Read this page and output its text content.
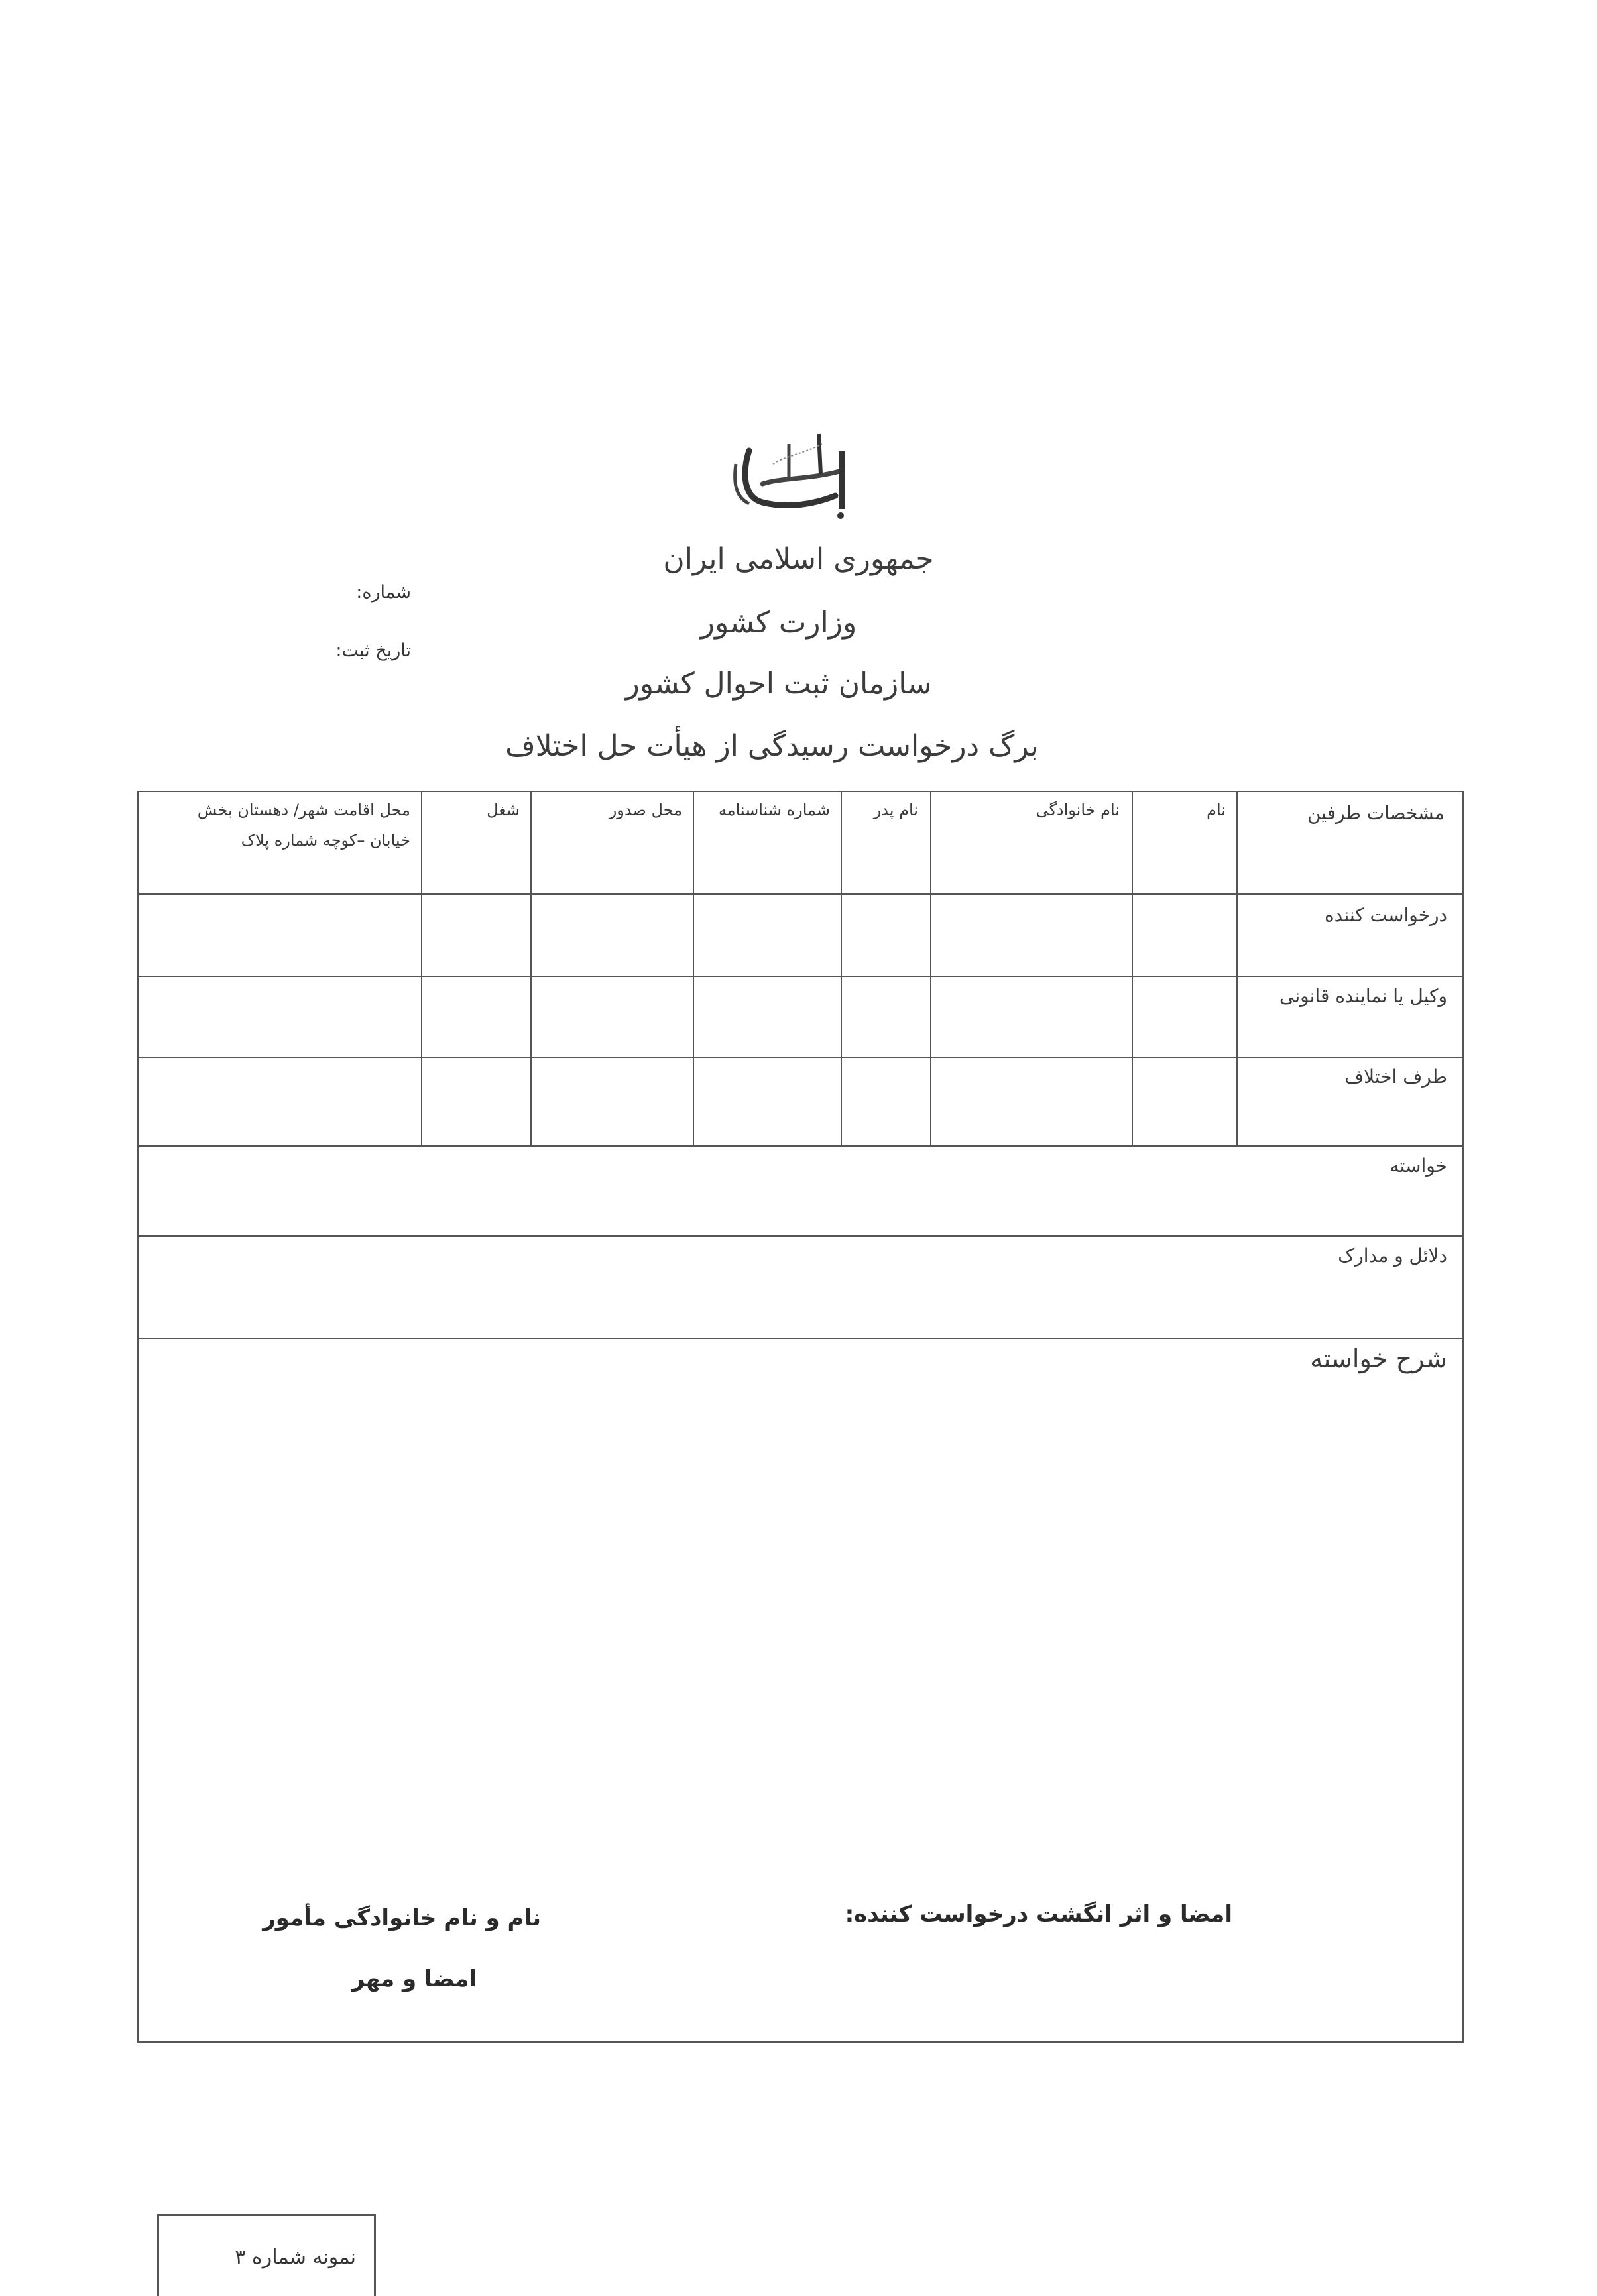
جمهوری اسلامی ایران
وزارت کشور
سازمان ثبت احوال کشور
برگ درخواست رسیدگی از هیأت حل اختلاف
شماره:
تاریخ ثبت:
مشخصات طرفین
نام
نام خانوادگی
نام پدر
شماره شناسنامه
محل صدور
شغل
محل اقامت شهر/ دهستان بخش
خیابان –کوچه شماره پلاک
درخواست کننده
وکیل یا نماینده قانونی
طرف اختلاف
خواسته
دلائل و مدارک
شرح خواسته
امضا و اثر انگشت درخواست کننده:
نام و نام خانوادگی مأمور
امضا و مهر
نمونه شماره ۳
